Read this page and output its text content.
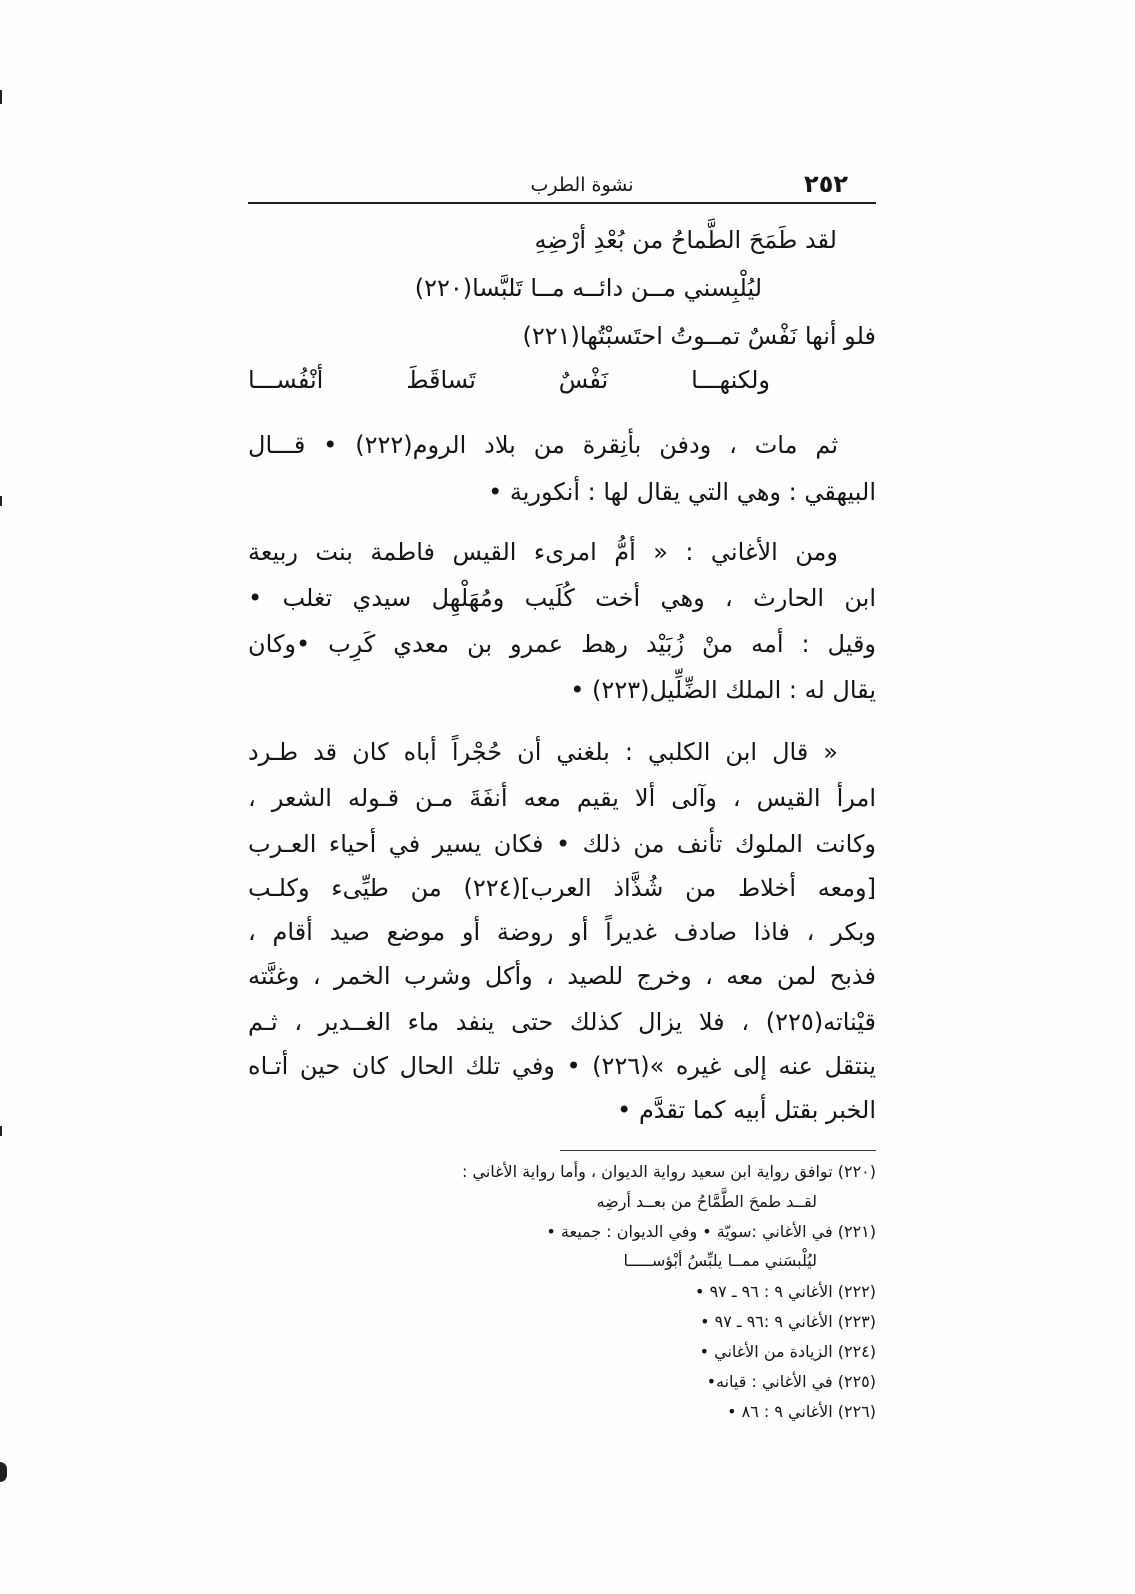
٢٥٢
نشوة الطرب
لقد طَمَحَ الطَّماحُ من بُعْدِ أرْضِهِ
ليُلْبِسني مــن دائــه مــا تَلبَّسا(٢٢٠)
فلو أنها نَفْسٌ تمــوتُ احتَسبْتُها(٢٢١)
ولكنهـــا نَفْسٌ تَساقَطَ أنْفُســـا
ثم مات ، ودفن بأنِقرة من بلاد الروم(٢٢٢) • قـــال
البيهقي : وهي التي يقال لها : أنكورية •
ومن الأغاني : « أمُّ امرىء القيس فاطمة بنت ربيعة
ابن الحارث ، وهي أخت كُلَيب ومُهَلْهِل سيدي تغلب •
وقيل : أمه منْ زُبَيْد رهط عمرو بن معدي كَرِب •وكان
يقال له : الملك الضِّلِّيل(٢٢٣) •
« قال ابن الكلبي : بلغني أن حُجْراً أباه كان قد طـرد
امرأ القيس ، وآلى ألا يقيم معه أنفَةَ مـن قـوله الشعر ،
وكانت الملوك تأنف من ذلك • فكان يسير في أحياء العـرب
[ومعه أخلاط من شُذَّاذ العرب](٢٢٤) من طيِّىء وكلـب
وبكر ، فاذا صادف غديراً أو روضة أو موضع صيد أقام ،
فذبح لمن معه ، وخرج للصيد ، وأكل وشرب الخمر ، وغنَّته
قيْناته(٢٢٥) ، فلا يزال كذلك حتى ينفد ماء الغــدير ، ثـم
ينتقل عنه إلى غيره »(٢٢٦) • وفي تلك الحال كان حين أتـاه
الخبر بقتل أبيه كما تقدَّم •
(٢٢٠) توافق رواية ابن سعيد رواية الديوان ، وأما رواية الأغاني :
لقــد طمحَ الطَّمَّاحُ من بعــد أرضِه
(٢٢١) في الأغاني :سويّة • وفي الديوان : جميعة •
ليُلْبسَني ممــا يلبِّسُ أبْؤســـــا
(٢٢٢) الأغاني ٩ : ٩٦ ـ ٩٧ •
(٢٢٣) الأغاني ٩ :٩٦ ـ ٩٧ •
(٢٢٤) الزيادة من الأغاني •
(٢٢٥) في الأغاني : قيانه•
(٢٢٦) الأغاني ٩ : ٨٦ •
